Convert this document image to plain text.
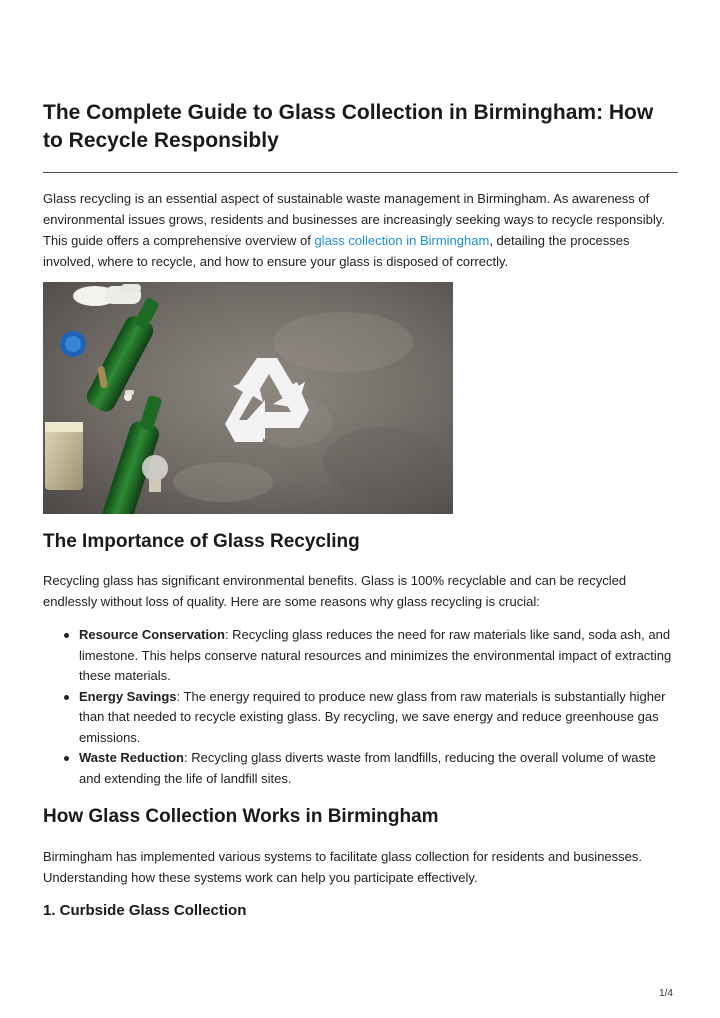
The Complete Guide to Glass Collection in Birmingham: How to Recycle Responsibly

Glass recycling is an essential aspect of sustainable waste management in Birmingham. As awareness of environmental issues grows, residents and businesses are increasingly seeking ways to recycle responsibly. This guide offers a comprehensive overview of glass collection in Birmingham, detailing the processes involved, where to recycle, and how to ensure your glass is disposed of correctly.

The Importance of Glass Recycling

Recycling glass has significant environmental benefits. Glass is 100% recyclable and can be recycled endlessly without loss of quality. Here are some reasons why glass recycling is crucial:

Resource Conservation: Recycling glass reduces the need for raw materials like sand, soda ash, and limestone. This helps conserve natural resources and minimizes the environmental impact of extracting these materials.
Energy Savings: The energy required to produce new glass from raw materials is substantially higher than that needed to recycle existing glass. By recycling, we save energy and reduce greenhouse gas emissions.
Waste Reduction: Recycling glass diverts waste from landfills, reducing the overall volume of waste and extending the life of landfill sites.
How Glass Collection Works in Birmingham

Birmingham has implemented various systems to facilitate glass collection for residents and businesses. Understanding how these systems work can help you participate effectively.

1. Curbside Glass Collection
1/4
